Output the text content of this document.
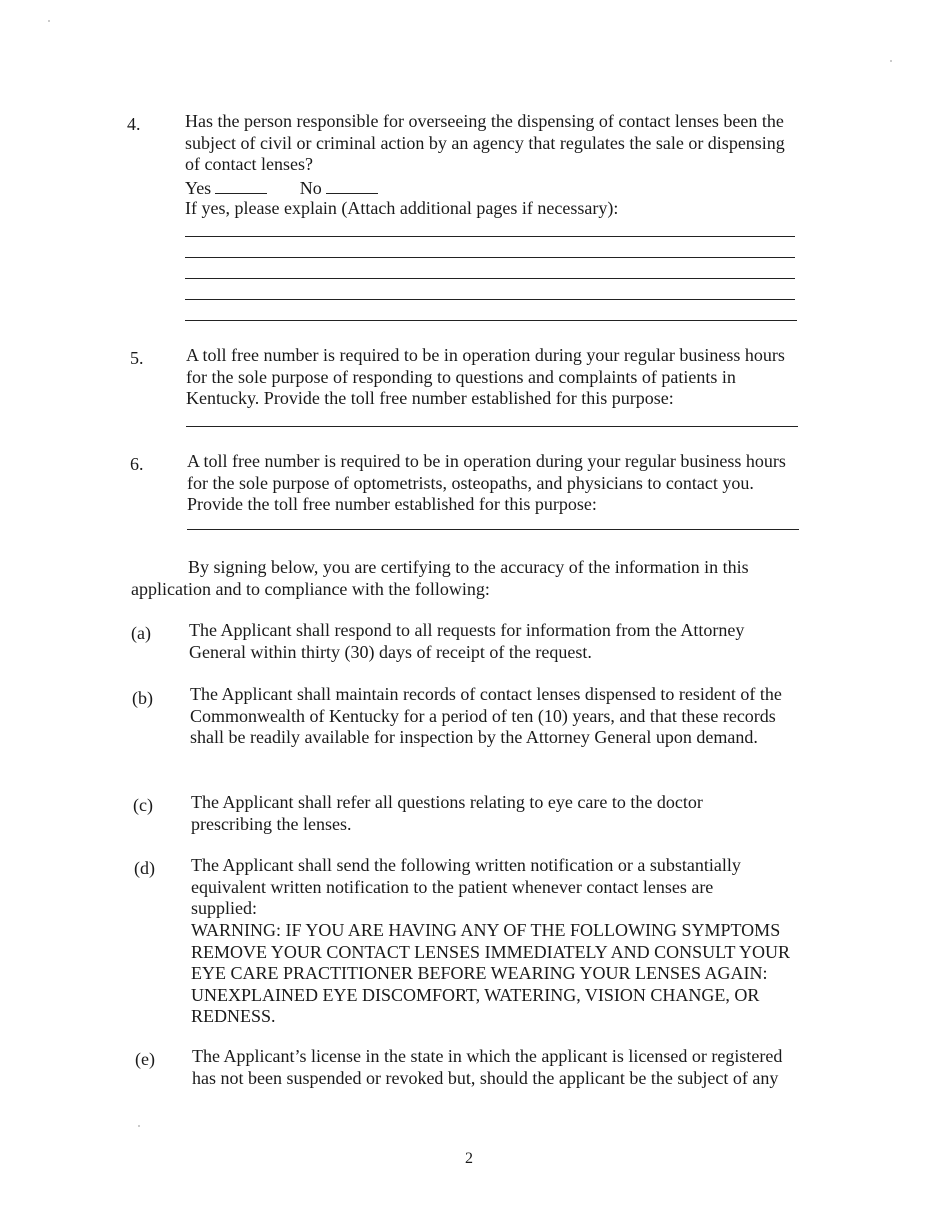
4. Has the person responsible for overseeing the dispensing of contact lenses been the subject of civil or criminal action by an agency that regulates the sale or dispensing of contact lenses?
Yes	No
If yes, please explain (Attach additional pages if necessary):
5. A toll free number is required to be in operation during your regular business hours for the sole purpose of responding to questions and complaints of patients in Kentucky. Provide the toll free number established for this purpose:
6. A toll free number is required to be in operation during your regular business hours for the sole purpose of optometrists, osteopaths, and physicians to contact you. Provide the toll free number established for this purpose:
By signing below, you are certifying to the accuracy of the information in this application and to compliance with the following:
(a) The Applicant shall respond to all requests for information from the Attorney General within thirty (30) days of receipt of the request.
(b) The Applicant shall maintain records of contact lenses dispensed to resident of the Commonwealth of Kentucky for a period of ten (10) years, and that these records shall be readily available for inspection by the Attorney General upon demand.
(c) The Applicant shall refer all questions relating to eye care to the doctor prescribing the lenses.
(d) The Applicant shall send the following written notification or a substantially equivalent written notification to the patient whenever contact lenses are supplied:
WARNING: IF YOU ARE HAVING ANY OF THE FOLLOWING SYMPTOMS REMOVE YOUR CONTACT LENSES IMMEDIATELY AND CONSULT YOUR EYE CARE PRACTITIONER BEFORE WEARING YOUR LENSES AGAIN: UNEXPLAINED EYE DISCOMFORT, WATERING, VISION CHANGE, OR REDNESS.
(e) The Applicant’s license in the state in which the applicant is licensed or registered has not been suspended or revoked but, should the applicant be the subject of any
2
